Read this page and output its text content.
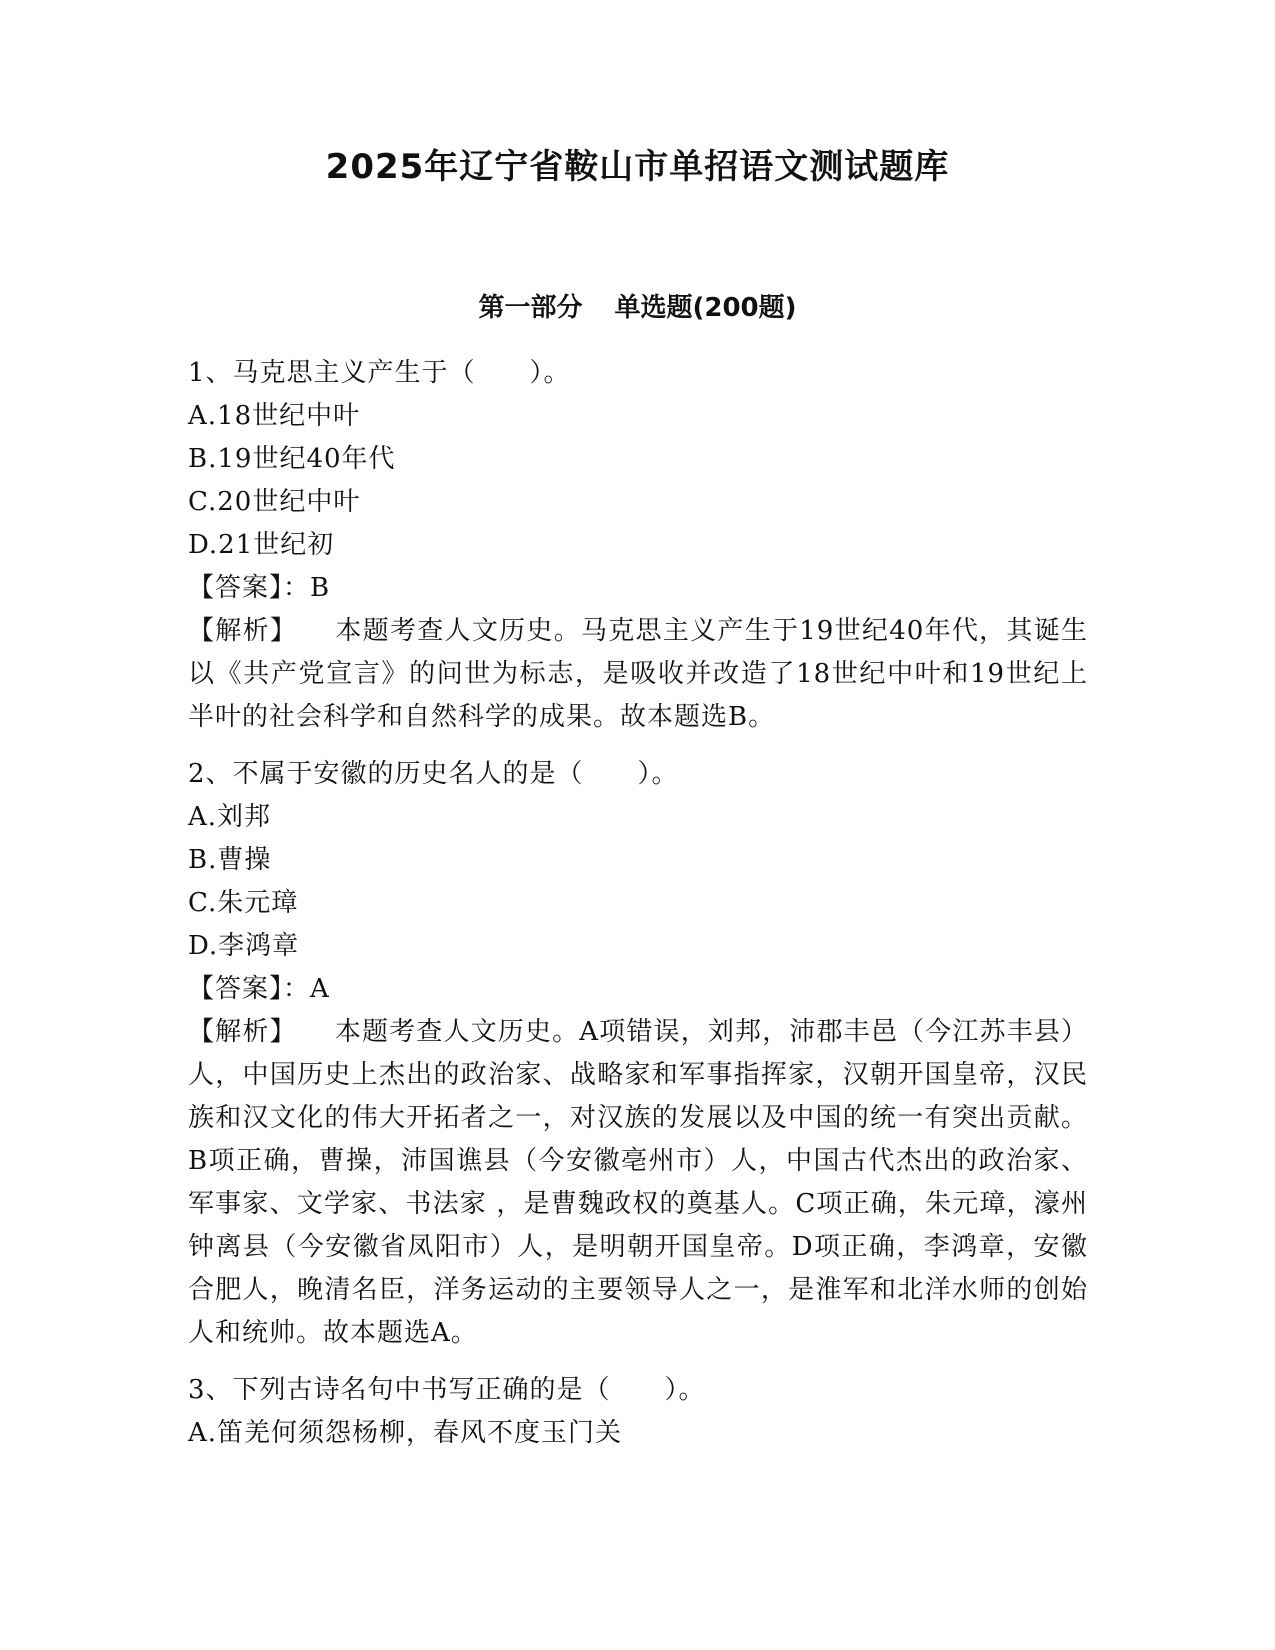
2025年辽宁省鞍山市单招语文测试题库
第一部分 单选题(200题)

1、马克思主义产生于（　　）。

A.18世纪中叶

B.19世纪40年代

C.20世纪中叶

D.21世纪初

【答案】：B

【解析】 本题考查人文历史。马克思主义产生于19世纪40年代，其诞生以《共产党宣言》的问世为标志，是吸收并改造了18世纪中叶和19世纪上半叶的社会科学和自然科学的成果。故本题选B。

2、不属于安徽的历史名人的是（　　）。

A.刘邦

B.曹操

C.朱元璋

D.李鸿章

【答案】：A

【解析】 本题考查人文历史。A项错误，刘邦，沛郡丰邑（今江苏丰县）人，中国历史上杰出的政治家、战略家和军事指挥家，汉朝开国皇帝，汉民族和汉文化的伟大开拓者之一，对汉族的发展以及中国的统一有突出贡献。B项正确，曹操，沛国谯县（今安徽亳州市）人，中国古代杰出的政治家、军事家、文学家、书法家 ，是曹魏政权的奠基人。C项正确，朱元璋，濠州钟离县（今安徽省凤阳市）人，是明朝开国皇帝。D项正确，李鸿章，安徽合肥人，晚清名臣，洋务运动的主要领导人之一，是淮军和北洋水师的创始人和统帅。故本题选A。

3、下列古诗名句中书写正确的是（　　）。

A.笛羌何须怨杨柳，春风不度玉门关
